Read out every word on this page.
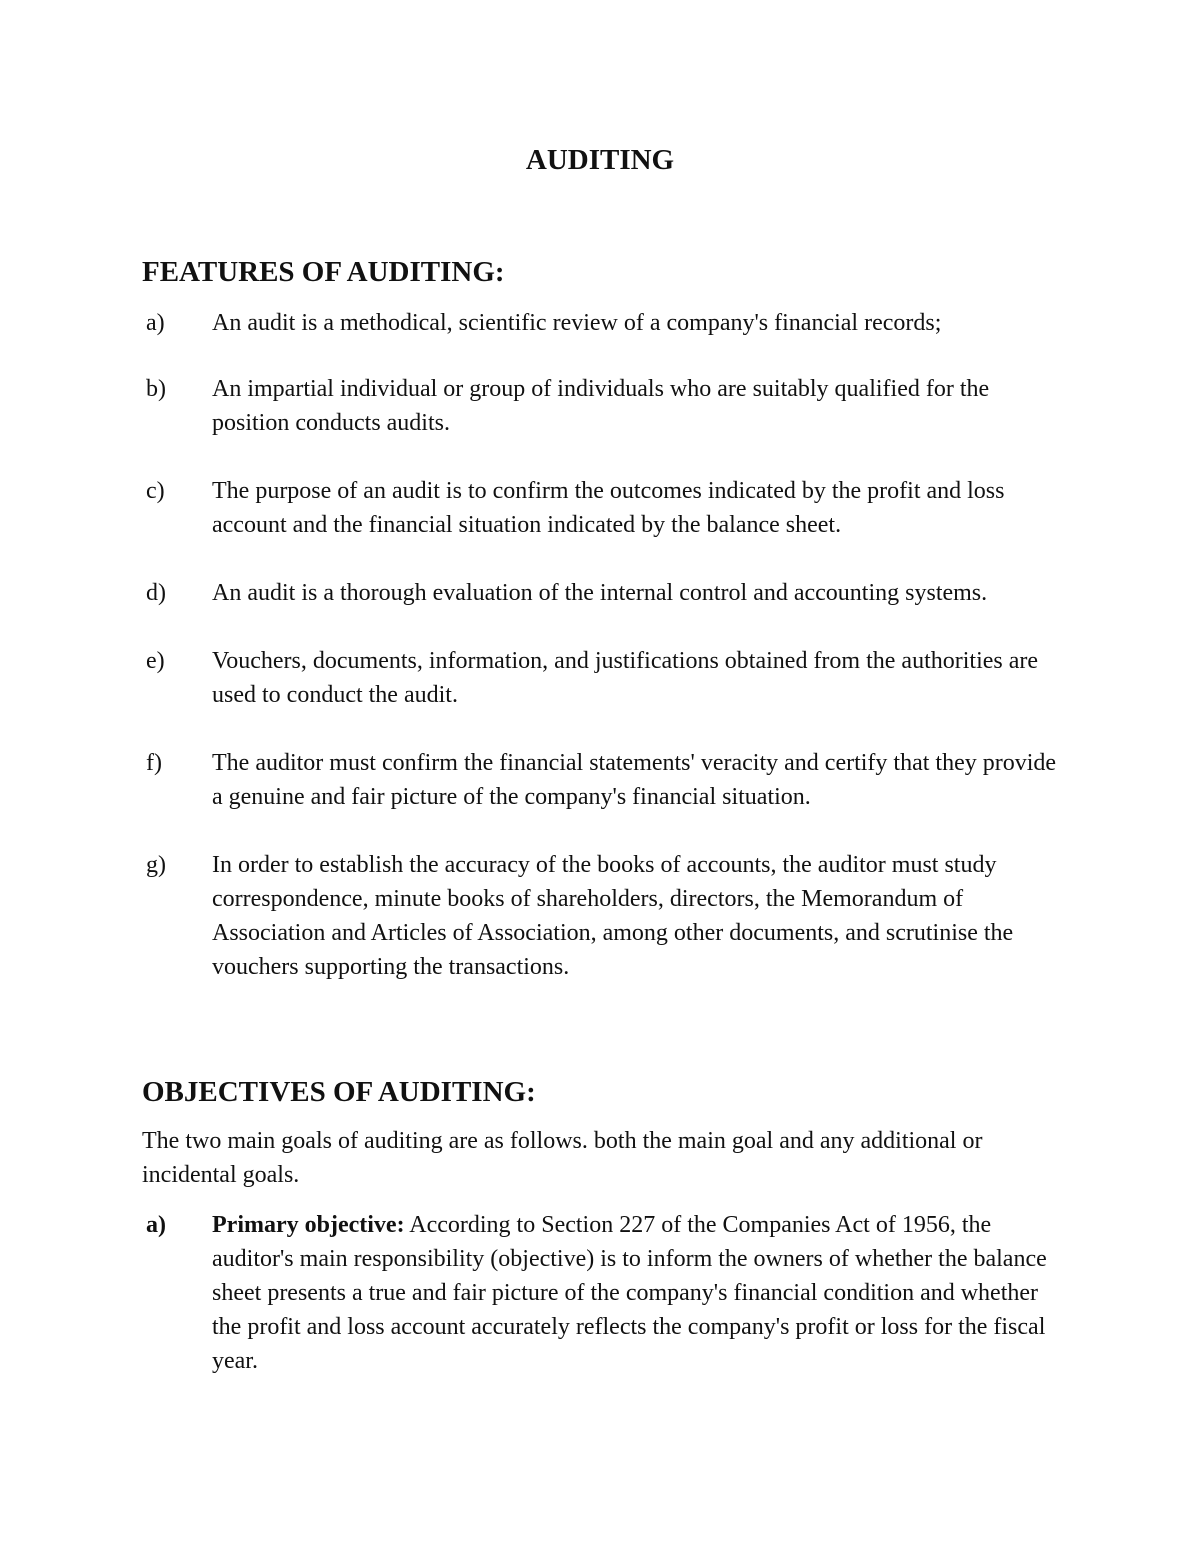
AUDITING
FEATURES OF AUDITING:
a)	An audit is a methodical, scientific review of a company's financial records;
b)	An impartial individual or group of individuals who are suitably qualified for the position conducts audits.
c)	The purpose of an audit is to confirm the outcomes indicated by the profit and loss account and the financial situation indicated by the balance sheet.
d)	An audit is a thorough evaluation of the internal control and accounting systems.
e)	Vouchers, documents, information, and justifications obtained from the authorities are used to conduct the audit.
f)	The auditor must confirm the financial statements' veracity and certify that they provide a genuine and fair picture of the company's financial situation.
g)	In order to establish the accuracy of the books of accounts, the auditor must study correspondence, minute books of shareholders, directors, the Memorandum of Association and Articles of Association, among other documents, and scrutinise the vouchers supporting the transactions.
OBJECTIVES OF AUDITING:

The two main goals of auditing are as follows. both the main goal and any additional or incidental goals.

a)	Primary objective: According to Section 227 of the Companies Act of 1956, the auditor's main responsibility (objective) is to inform the owners of whether the balance sheet presents a true and fair picture of the company's financial condition and whether the profit and loss account accurately reflects the company's profit or loss for the fiscal year.
